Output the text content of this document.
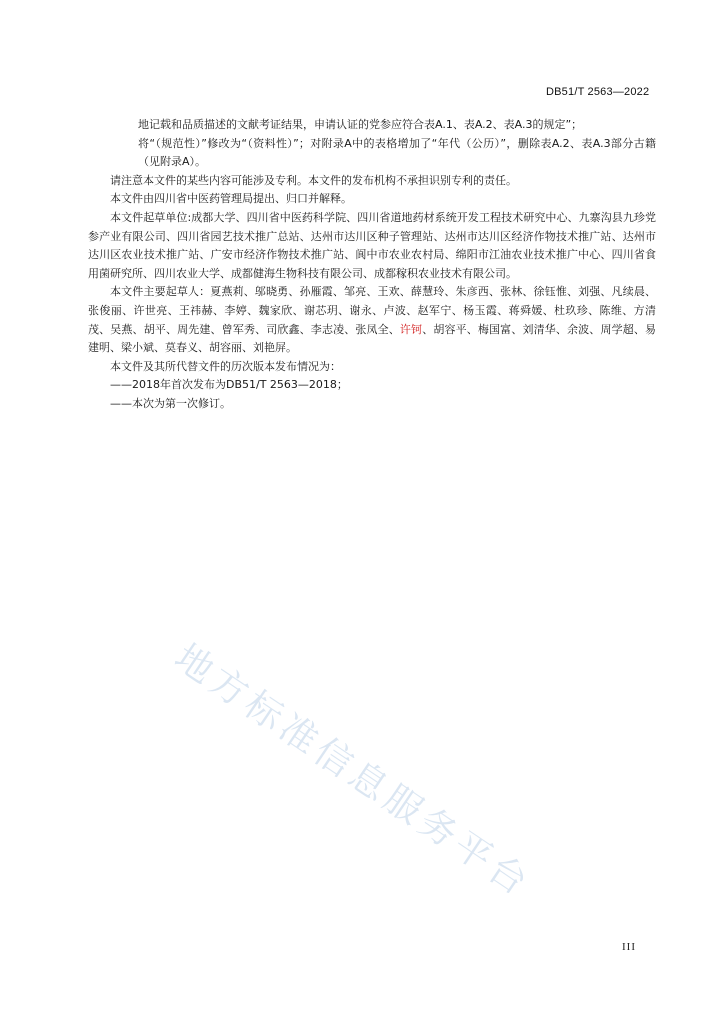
DB51/T 2563—2022

地记载和品质描述的文献考证结果，申请认证的党参应符合表A.1、表A.2、表A.3的规定”；

将“（规范性）”修改为“（资料性）”；对附录A中的表格增加了“年代（公历）”，删除表A.2、表A.3部分古籍（见附录A）。

请注意本文件的某些内容可能涉及专利。本文件的发布机构不承担识别专利的责任。

本文件由四川省中医药管理局提出、归口并解释。

本文件起草单位:成都大学、四川省中医药科学院、四川省道地药材系统开发工程技术研究中心、九寨沟县九珍党参产业有限公司、四川省园艺技术推广总站、达州市达川区种子管理站、达州市达川区经济作物技术推广站、达州市达川区农业技术推广站、广安市经济作物技术推广站、阆中市农业农村局、绵阳市江油农业技术推广中心、四川省食用菌研究所、四川农业大学、成都健海生物科技有限公司、成都稼积农业技术有限公司。

本文件主要起草人：夏燕莉、邬晓勇、孙雁霞、邹亮、王欢、薛慧玲、朱彦西、张林、徐钰惟、刘强、凡续晨、张俊丽、许世亮、王祎赫、李婷、魏家欣、谢芯玥、谢永、卢波、赵军宁、杨玉霞、蒋舜媛、杜玖珍、陈维、方清茂、吴燕、胡平、周先建、曾军秀、司欣鑫、李志凌、张凤全、许钶、胡容平、梅国富、刘清华、余波、周学超、易建明、梁小斌、莫春义、胡容丽、刘艳屏。

本文件及其所代替文件的历次版本发布情况为：

——2018年首次发布为DB51/T 2563—2018；

——本次为第一次修订。

地方标准信息服务平台
III
